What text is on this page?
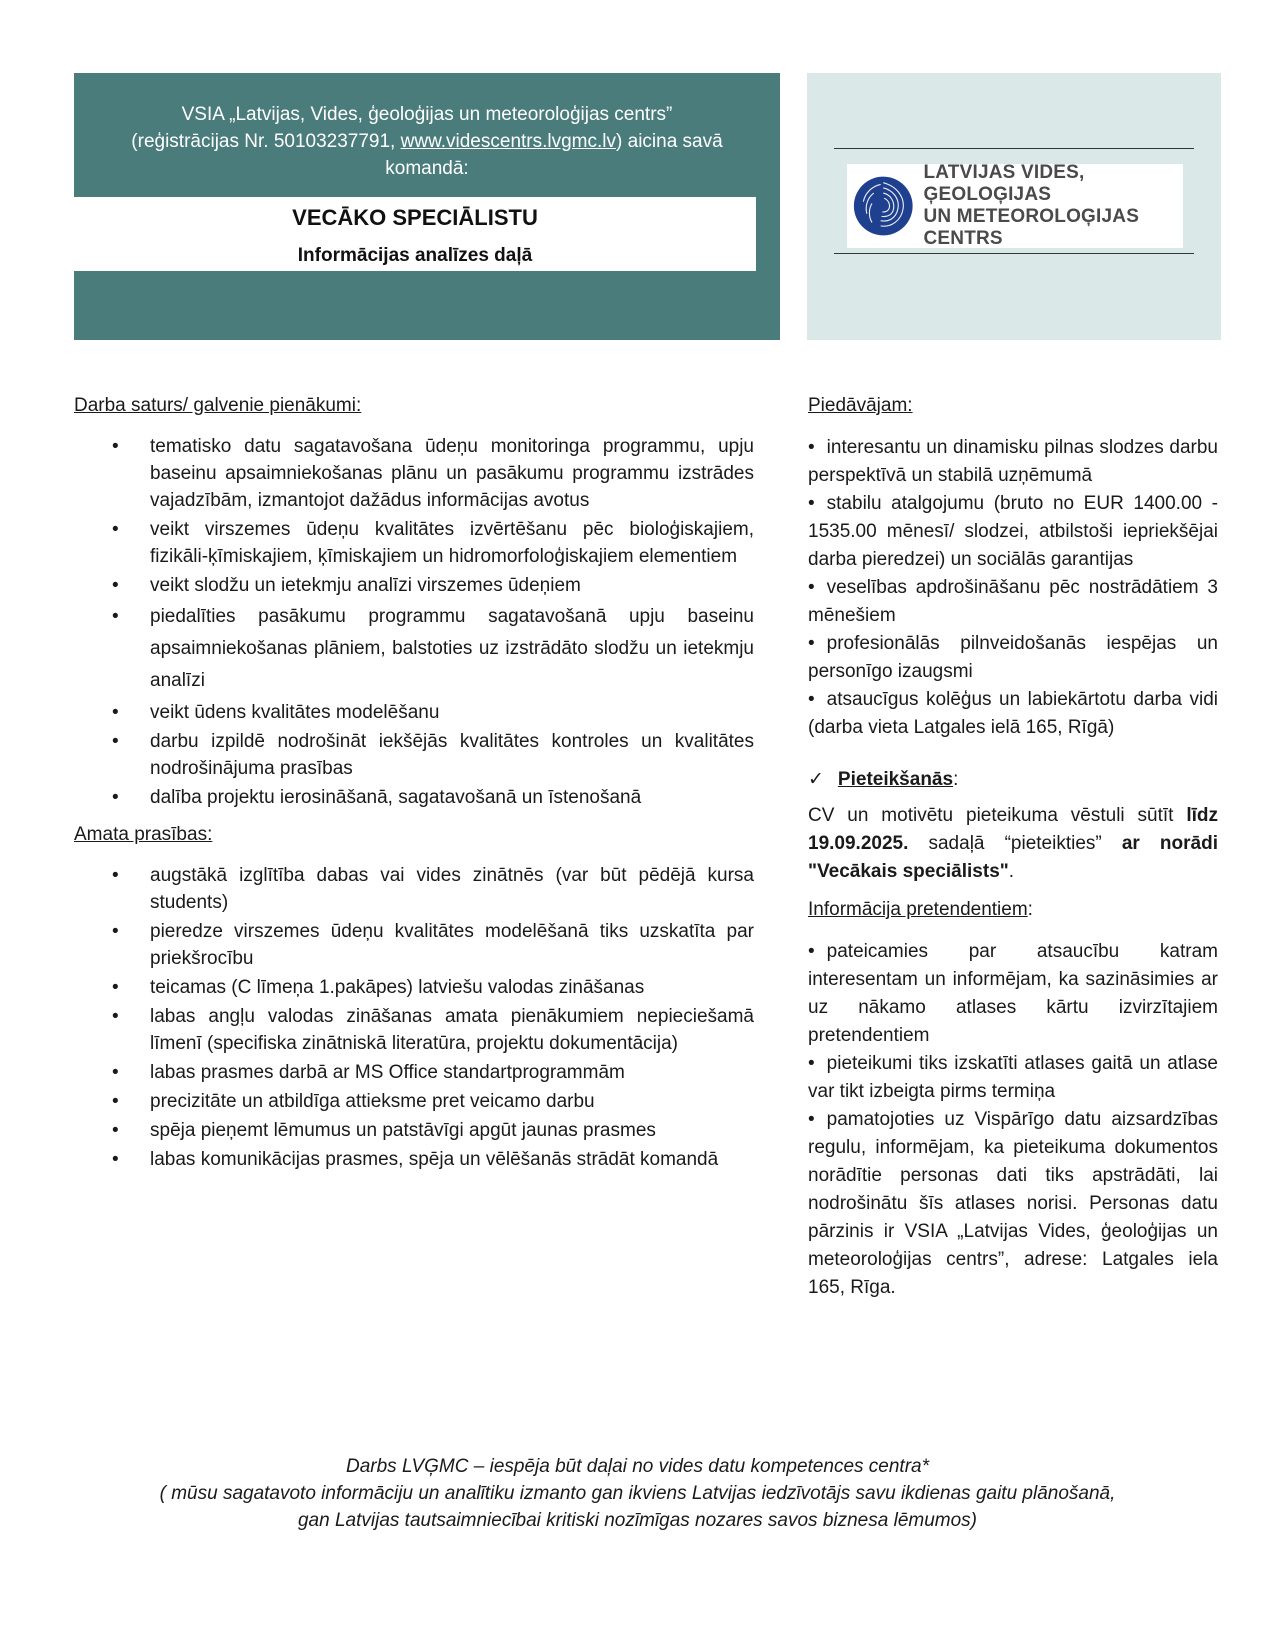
VSIA „Latvijas, Vides, ģeoloģijas un meteoroloģijas centrs”
(reģistrācijas Nr. 50103237791, www.videscentrs.lvgmc.lv) aicina savā komandā:
VECĀKO SPECIĀLISTU
Informācijas analīzes daļā
LATVIJAS VIDES, ĢEOLOĢIJAS
UN METEOROLOĢIJAS CENTRS
Darba saturs/ galvenie pienākumi:
• tematisko datu sagatavošana ūdeņu monitoringa programmu, upju baseinu apsaimniekošanas plānu un pasākumu programmu izstrādes vajadzībām, izmantojot dažādus informācijas avotus
• veikt virszemes ūdeņu kvalitātes izvērtēšanu pēc bioloģiskajiem, fizikāli-ķīmiskajiem, ķīmiskajiem un hidromorfoloģiskajiem elementiem
• veikt slodžu un ietekmju analīzi virszemes ūdeņiem
• piedalīties pasākumu programmu sagatavošanā upju baseinu apsaimniekošanas plāniem, balstoties uz izstrādāto slodžu un ietekmju analīzi
• veikt ūdens kvalitātes modelēšanu
• darbu izpildē nodrošināt iekšējās kvalitātes kontroles un kvalitātes nodrošinājuma prasības
• dalība projektu ierosināšanā, sagatavošanā un īstenošanā
Amata prasības:
• augstākā izglītība dabas vai vides zinātnēs (var būt pēdējā kursa students)
• pieredze virszemes ūdeņu kvalitātes modelēšanā tiks uzskatīta par priekšrocību
• teicamas (C līmeņa 1.pakāpes) latviešu valodas zināšanas
• labas angļu valodas zināšanas amata pienākumiem nepieciešamā līmenī (specifiska zinātniskā literatūra, projektu dokumentācija)
• labas prasmes darbā ar MS Office standartprogrammām
• precizitāte un atbildīga attieksme pret veicamo darbu
• spēja pieņemt lēmumus un patstāvīgi apgūt jaunas prasmes
• labas komunikācijas prasmes, spēja un vēlēšanās strādāt komandā
Piedāvājam:

• interesantu un dinamisku pilnas slodzes darbu perspektīvā un stabilā uzņēmumā

• stabilu atalgojumu (bruto no EUR 1400.00 - 1535.00 mēnesī/ slodzei, atbilstoši iepriekšējai darba pieredzei) un sociālās garantijas

• veselības apdrošināšanu pēc nostrādātiem 3 mēnešiem

• profesionālās pilnveidošanās iespējas un personīgo izaugsmi

• atsaucīgus kolēģus un labiekārtotu darba vidi (darba vieta Latgales ielā 165, Rīgā)

✓ Pieteikšanās:
CV un motivētu pieteikuma vēstuli sūtīt līdz 19.09.2025. sadaļā “pieteikties” ar norādi "Vecākais speciālists".
Informācija pretendentiem:

• pateicamies par atsaucību katram interesentam un informējam, ka sazināsimies ar uz nākamo atlases kārtu izvirzītajiem pretendentiem

• pieteikumi tiks izskatīti atlases gaitā un atlase var tikt izbeigta pirms termiņa

• pamatojoties uz Vispārīgo datu aizsardzības regulu, informējam, ka pieteikuma dokumentos norādītie personas dati tiks apstrādāti, lai nodrošinātu šīs atlases norisi. Personas datu pārzinis ir VSIA „Latvijas Vides, ģeoloģijas un meteoroloģijas centrs”, adrese: Latgales iela 165, Rīga.

Darbs LVĢMC – iespēja būt daļai no vides datu kompetences centra*
( mūsu sagatavoto informāciju un analītiku izmanto gan ikviens Latvijas iedzīvotājs savu ikdienas gaitu plānošanā,
gan Latvijas tautsaimniecībai kritiski nozīmīgas nozares savos biznesa lēmumos)
